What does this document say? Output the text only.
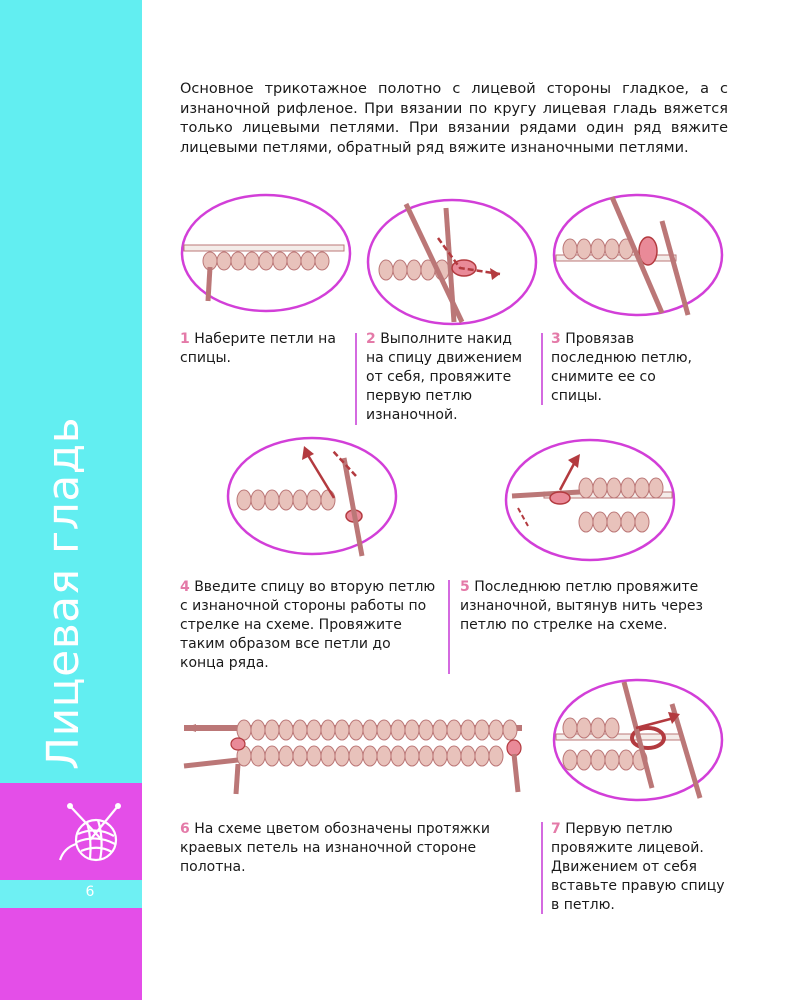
Лицевая гладь
6
Основное трикотажное полотно с лицевой стороны гладкое, а с изнаночной рифленое. При вязании по кругу лицевая гладь вяжется только лицевыми петлями. При вязании рядами один ряд вяжите лицевыми петлями, обратный ряд вяжите изнаночными петлями.
1 Наберите петли на спицы.
2 Выполните накид на спицу движением от себя, провяжите первую петлю изнаночной.
3 Провязав последнюю петлю, снимите ее со спицы.
4 Введите спицу во вторую петлю с изнаночной стороны работы по стрелке на схеме. Провяжите таким образом все петли до конца ряда.
5 Последнюю петлю провяжите изнаночной, вытянув нить через петлю по стрелке на схеме.
6 На схеме цветом обозначены протяжки краевых петель на изнаночной стороне полотна.
7 Первую петлю провяжите лицевой. Движением от себя вставьте правую спицу в петлю.
